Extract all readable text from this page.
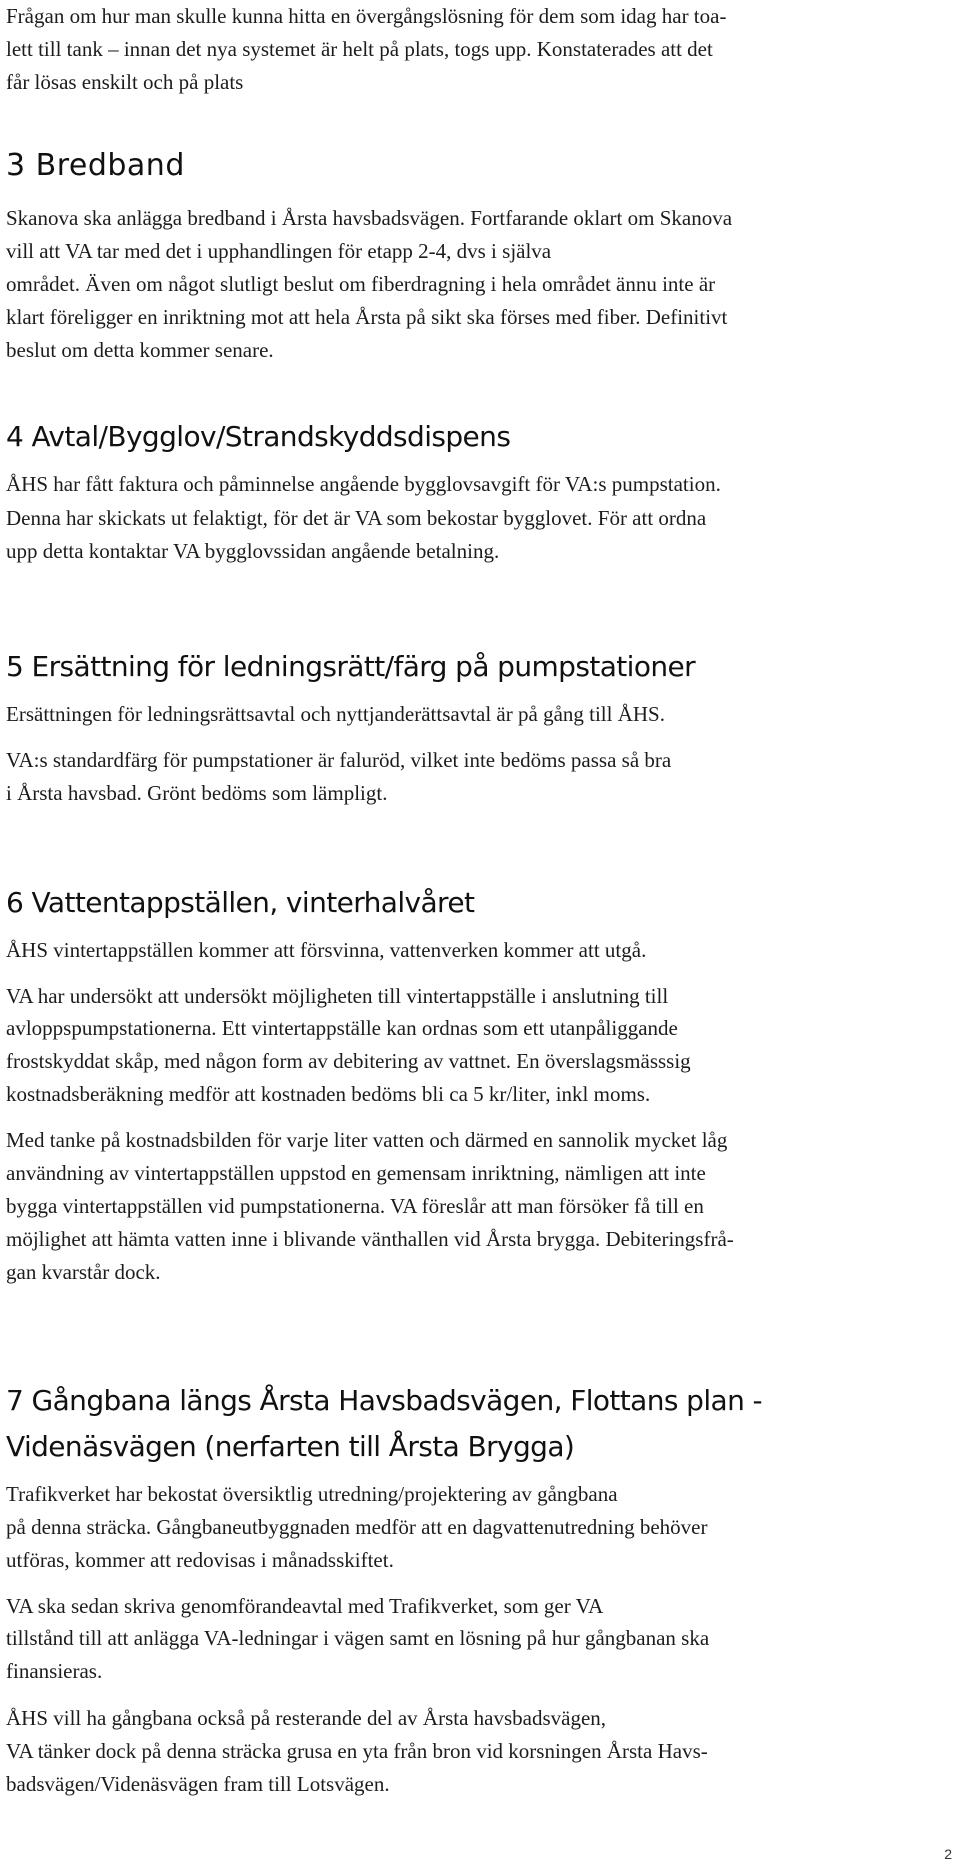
Frågan om hur man skulle kunna hitta en övergångslösning för dem som idag har toa-
lett till tank – innan det nya systemet är helt på plats, togs upp. Konstaterades att det
får lösas enskilt och på plats
3 Bredband
Skanova ska anlägga bredband i Årsta havsbadsvägen. Fortfarande oklart om Skanova
vill att VA tar med det i upphandlingen för etapp 2-4, dvs i själva
området. Även om något slutligt beslut om fiberdragning i hela området ännu inte är
klart föreligger en inriktning mot att hela Årsta på sikt ska förses med fiber. Definitivt
beslut om detta kommer senare.
4 Avtal/Bygglov/Strandskyddsdispens
ÅHS har fått faktura och påminnelse angående bygglovsavgift för VA:s pumpstation.
Denna har skickats ut felaktigt, för det är VA som bekostar bygglovet. För att ordna
upp detta kontaktar VA bygglovssidan angående betalning.
5 Ersättning för ledningsrätt/färg på pumpstationer
Ersättningen för ledningsrättsavtal och nyttjanderättsavtal är på gång till ÅHS.
VA:s standardfärg för pumpstationer är faluröd, vilket inte bedöms passa så bra
i Årsta havsbad. Grönt bedöms som lämpligt.
6 Vattentappställen, vinterhalvåret
ÅHS vintertappställen kommer att försvinna, vattenverken kommer att utgå.
VA har undersökt att undersökt möjligheten till vintertappställe i anslutning till
avloppspumpstationerna. Ett vintertappställe kan ordnas som ett utanpåliggande
frostskyddat skåp, med någon form av debitering av vattnet. En överslagsmässsig
kostnadsberäkning medför att kostnaden bedöms bli ca 5 kr/liter, inkl moms.
Med tanke på kostnadsbilden för varje liter vatten och därmed en sannolik mycket låg
användning av vintertappställen uppstod en gemensam inriktning, nämligen att inte
bygga vintertappställen vid pumpstationerna. VA föreslår att man försöker få till en
möjlighet att hämta vatten inne i blivande vänthallen vid Årsta brygga. Debiteringsfrå-
gan kvarstår dock.
7 Gångbana längs Årsta Havsbadsvägen, Flottans plan -
Videnäsvägen (nerfarten till Årsta Brygga)
Trafikverket har bekostat översiktlig utredning/projektering av gångbana
på denna sträcka. Gångbaneutbyggnaden medför att en dagvattenutredning behöver
utföras, kommer att redovisas i månadsskiftet.
VA ska sedan skriva genomförandeavtal med Trafikverket, som ger VA
tillstånd till att anlägga VA-ledningar i vägen samt en lösning på hur gångbanan ska
finansieras.
ÅHS vill ha gångbana också på resterande del av Årsta havsbadsvägen,
VA tänker dock på denna sträcka grusa en yta från bron vid korsningen Årsta Havs-
badsvägen/Videnäsvägen fram till Lotsvägen.
2
